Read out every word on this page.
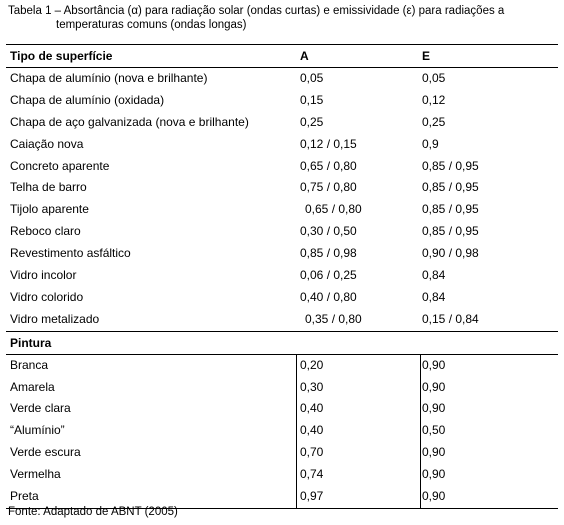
Tabela 1 – Absortância (α) para radiação solar (ondas curtas) e emissividade (ε) para radiações a
temperaturas comuns (ondas longas)
Tipo de superfície	A	E
Chapa de alumínio (nova e brilhante)	0,05	0,05
Chapa de alumínio (oxidada)	0,15	0,12
Chapa de aço galvanizada (nova e brilhante)	0,25	0,25
Caiação nova	0,12 / 0,15	0,9
Concreto aparente	0,65 / 0,80	0,85 / 0,95
Telha de barro	0,75 / 0,80	0,85 / 0,95
Tijolo aparente	0,65 / 0,80	0,85 / 0,95
Reboco claro	0,30 / 0,50	0,85 / 0,95
Revestimento asfáltico	0,85 / 0,98	0,90 / 0,98
Vidro incolor	0,06 / 0,25	0,84
Vidro colorido	0,40 / 0,80	0,84
Vidro metalizado	0,35 / 0,80	0,15 / 0,84
Pintura
Branca	0,20	0,90
Amarela	0,30	0,90
Verde clara	0,40	0,90
“Alumínio”	0,40	0,50
Verde escura	0,70	0,90
Vermelha	0,74	0,90
Preta	0,97	0,90
Fonte: Adaptado de ABNT (2005)
